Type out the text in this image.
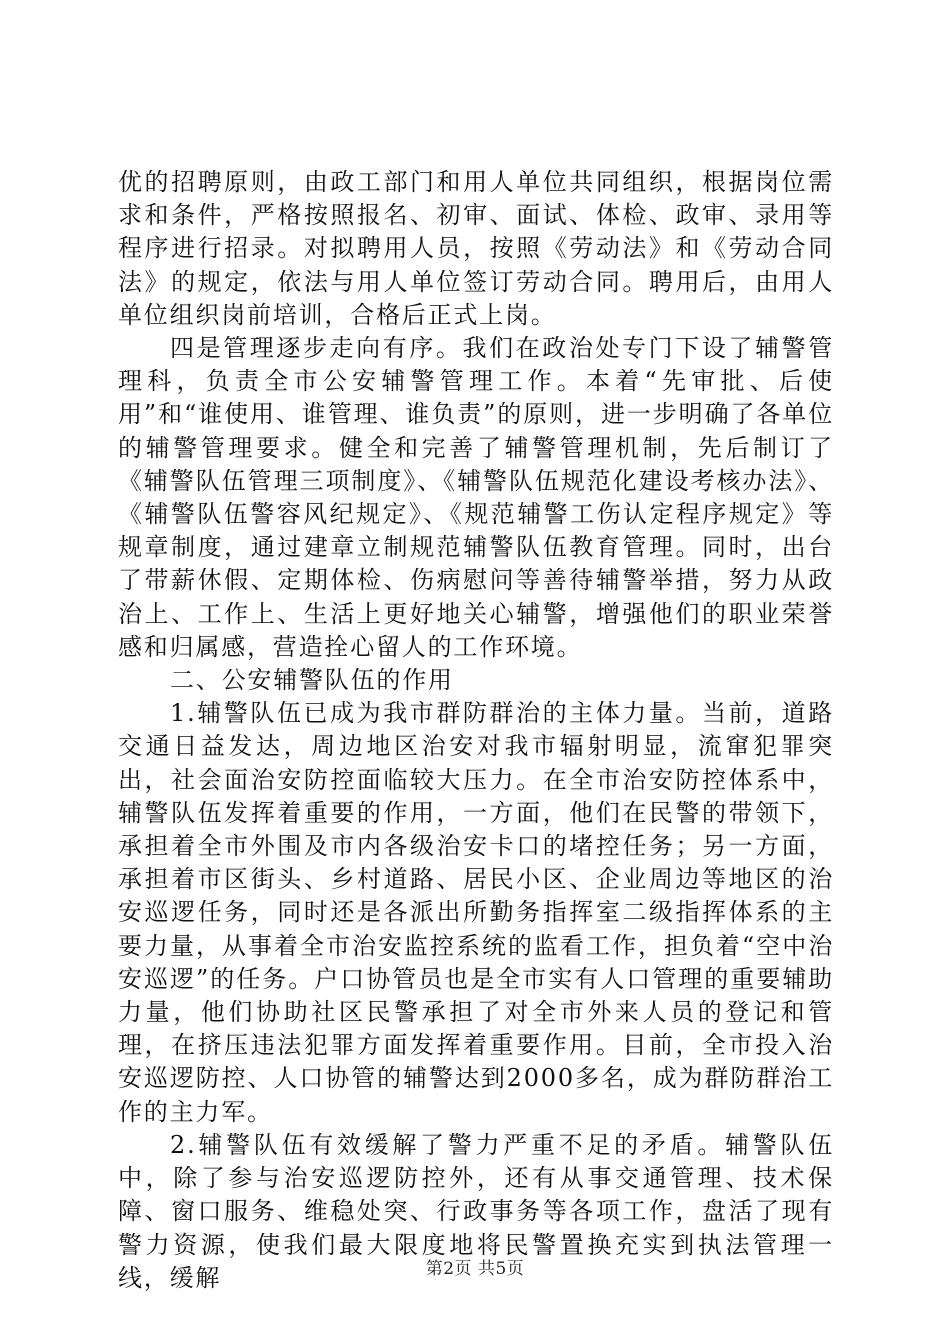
优的招聘原则，由政工部门和用人单位共同组织，根据岗位需求和条件，严格按照报名、初审、面试、体检、政审、录用等程序进行招录。对拟聘用人员，按照《劳动法》和《劳动合同法》的规定，依法与用人单位签订劳动合同。聘用后，由用人单位组织岗前培训，合格后正式上岗。

四是管理逐步走向有序。我们在政治处专门下设了辅警管理科，负责全市公安辅警管理工作。本着“先审批、后使用”和“谁使用、谁管理、谁负责”的原则，进一步明确了各单位的辅警管理要求。健全和完善了辅警管理机制，先后制订了《辅警队伍管理三项制度》、《辅警队伍规范化建设考核办法》、《辅警队伍警容风纪规定》、《规范辅警工伤认定程序规定》等规章制度，通过建章立制规范辅警队伍教育管理。同时，出台了带薪休假、定期体检、伤病慰问等善待辅警举措，努力从政治上、工作上、生活上更好地关心辅警，增强他们的职业荣誉感和归属感，营造拴心留人的工作环境。

二、公安辅警队伍的作用

1.辅警队伍已成为我市群防群治的主体力量。当前，道路交通日益发达，周边地区治安对我市辐射明显，流窜犯罪突出，社会面治安防控面临较大压力。在全市治安防控体系中，辅警队伍发挥着重要的作用，一方面，他们在民警的带领下，承担着全市外围及市内各级治安卡口的堵控任务；另一方面，承担着市区街头、乡村道路、居民小区、企业周边等地区的治安巡逻任务，同时还是各派出所勤务指挥室二级指挥体系的主要力量，从事着全市治安监控系统的监看工作，担负着“空中治安巡逻”的任务。户口协管员也是全市实有人口管理的重要辅助力量，他们协助社区民警承担了对全市外来人员的登记和管理，在挤压违法犯罪方面发挥着重要作用。目前，全市投入治安巡逻防控、人口协管的辅警达到2000多名，成为群防群治工作的主力军。

2.辅警队伍有效缓解了警力严重不足的矛盾。辅警队伍中，除了参与治安巡逻防控外，还有从事交通管理、技术保障、窗口服务、维稳处突、行政事务等各项工作，盘活了现有警力资源，使我们最大限度地将民警置换充实到执法管理一线，缓解	第2页 共5页
